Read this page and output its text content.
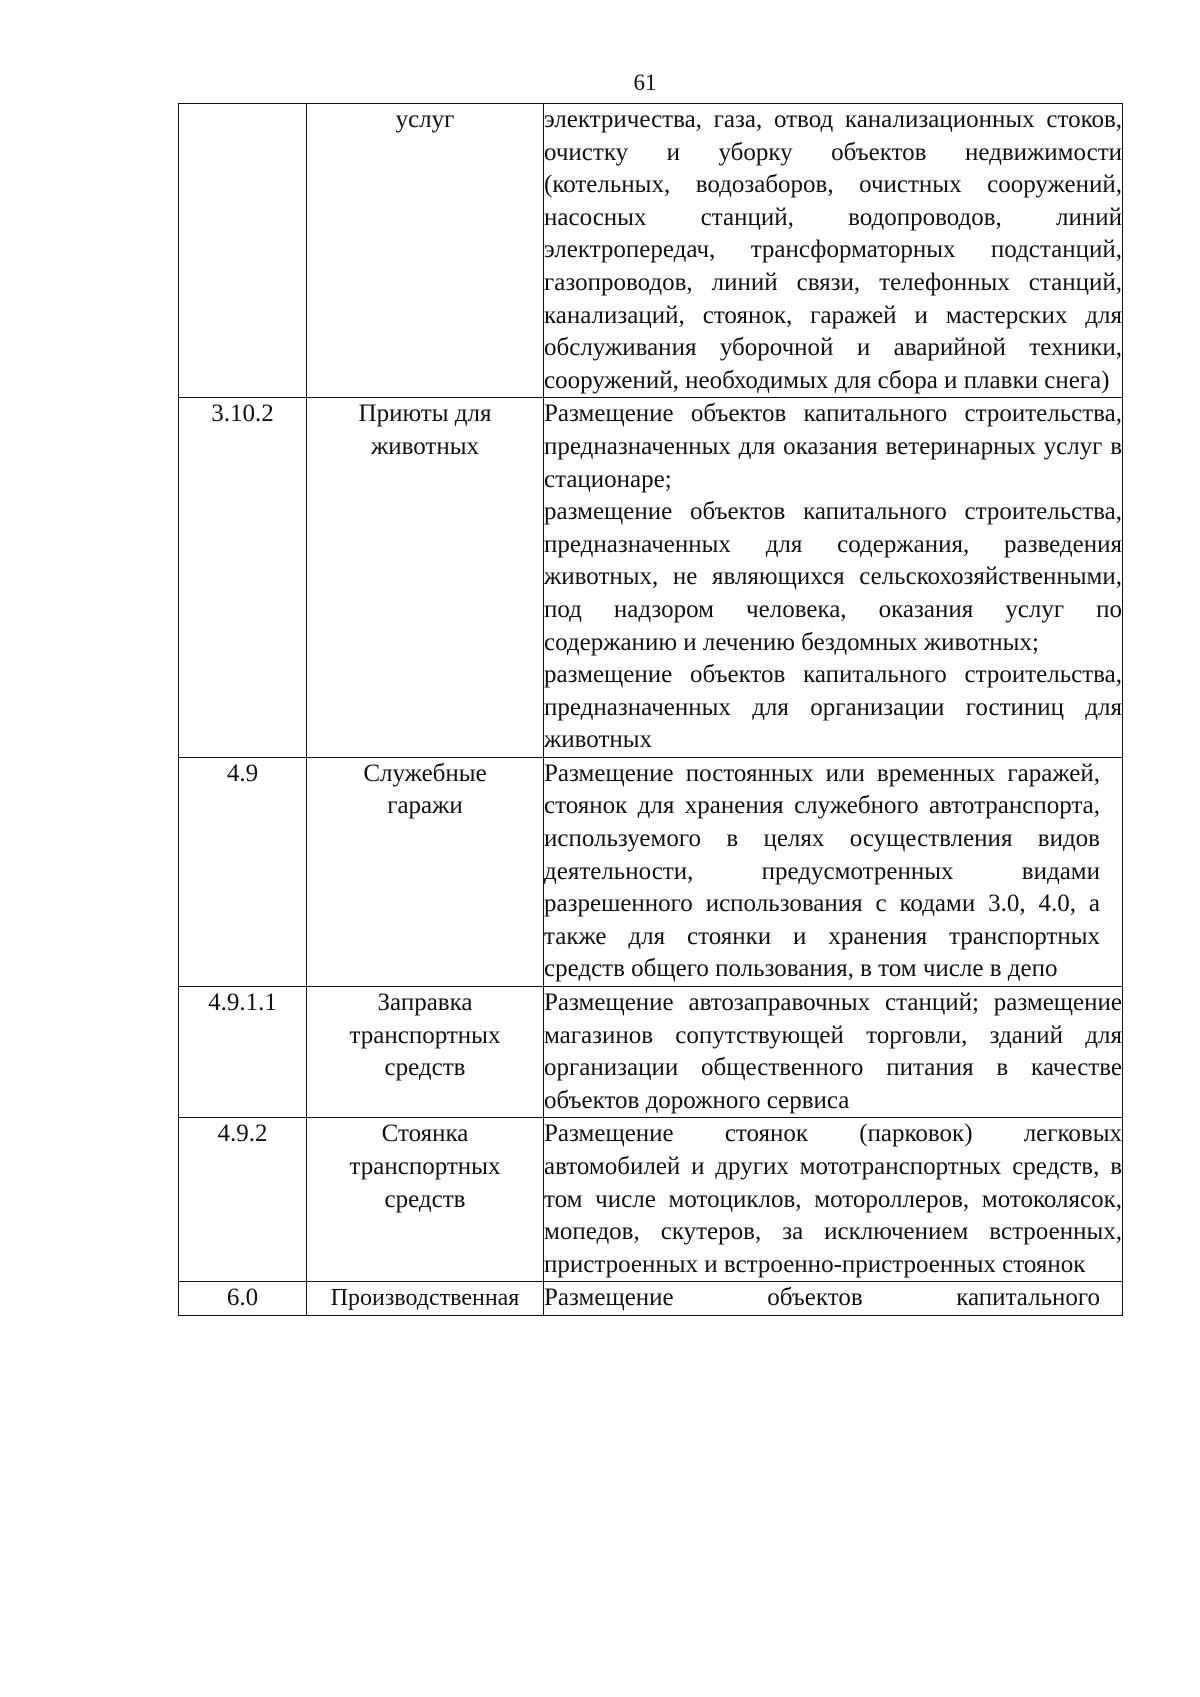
61
	услуг	электричества, газа, отвод канализационных стоков, очистку и уборку объектов недвижимости (котельных, водозаборов, очистных сооружений, насосных станций, водопроводов, линий электропередач, трансформаторных подстанций, газопроводов, линий связи, телефонных станций, канализаций, стоянок, гаражей и мастерских для обслуживания уборочной и аварийной техники, сооружений, необходимых для сбора и плавки снега)

3.10.2	Приюты для животных	Размещение объектов капитального строительства, предназначенных для оказания ветеринарных услуг в стационаре;
размещение объектов капитального строительства, предназначенных для содержания, разведения животных, не являющихся сельскохозяйственными, под надзором человека, оказания услуг по содержанию и лечению бездомных животных;
размещение объектов капитального строительства, предназначенных для организации гостиниц для животных

4.9	Служебные гаражи	Размещение постоянных или временных гаражей, стоянок для хранения служебного автотранспорта, используемого в целях осуществления видов деятельности, предусмотренных видами разрешенного использования с кодами 3.0, 4.0, а также для стоянки и хранения транспортных средств общего пользования, в том числе в депо

4.9.1.1	Заправка транспортных средств	Размещение автозаправочных станций; размещение магазинов сопутствующей торговли, зданий для организации общественного питания в качестве объектов дорожного сервиса

4.9.2	Стоянка транспортных средств	Размещение стоянок (парковок) легковых автомобилей и других мототранспортных средств, в том числе мотоциклов, мотороллеров, мотоколясок, мопедов, скутеров, за исключением встроенных, пристроенных и встроенно-пристроенных стоянок

6.0	Производственная	Размещение объектов капитального
